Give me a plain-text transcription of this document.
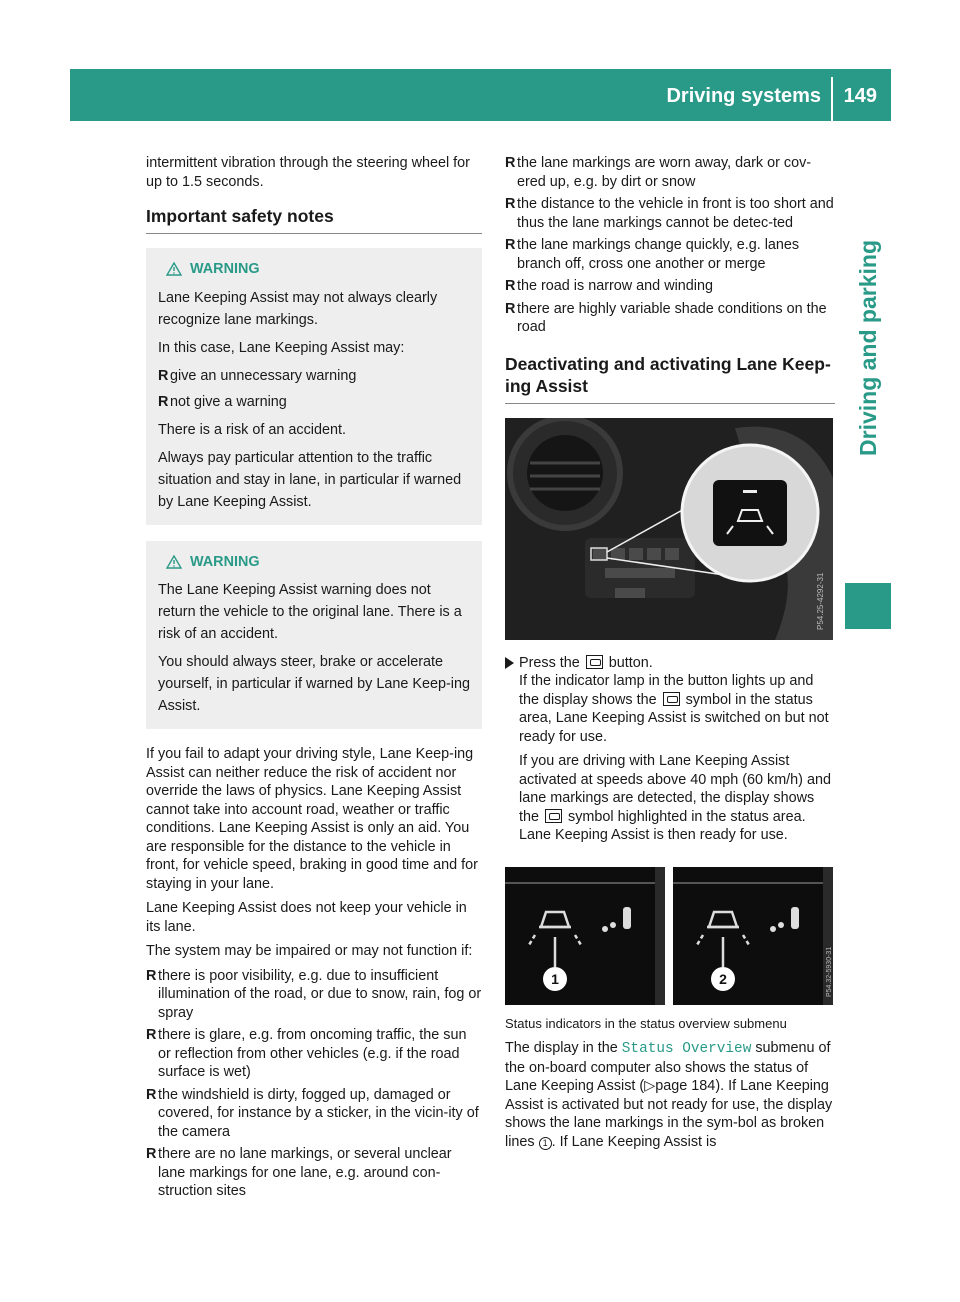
Driving systems 149
Driving and parking

intermittent vibration through the steering wheel for up to 1.5 seconds.

Important safety notes
WARNING

Lane Keeping Assist may not always clearly recognize lane markings.

In this case, Lane Keeping Assist may:

R give an unnecessary warning
R not give a warning

There is a risk of an accident.

Always pay particular attention to the traffic situation and stay in lane, in particular if warned by Lane Keeping Assist.

WARNING

The Lane Keeping Assist warning does not return the vehicle to the original lane. There is a risk of an accident.

You should always steer, brake or accelerate yourself, in particular if warned by Lane Keep-ing Assist.

If you fail to adapt your driving style, Lane Keep-ing Assist can neither reduce the risk of accident nor override the laws of physics. Lane Keeping Assist cannot take into account road, weather or traffic conditions. Lane Keeping Assist is only an aid. You are responsible for the distance to the vehicle in front, for vehicle speed, braking in good time and for staying in your lane.

Lane Keeping Assist does not keep your vehicle in its lane.

The system may be impaired or may not function if:

R there is poor visibility, e.g. due to insufficient illumination of the road, or due to snow, rain, fog or spray
R there is glare, e.g. from oncoming traffic, the sun or reflection from other vehicles (e.g. if the road surface is wet)
R the windshield is dirty, fogged up, damaged or covered, for instance by a sticker, in the vicin-ity of the camera
R there are no lane markings, or several unclear lane markings for one lane, e.g. around con-struction sites
R the lane markings are worn away, dark or cov-ered up, e.g. by dirt or snow
R the distance to the vehicle in front is too short and thus the lane markings cannot be detec-ted
R the lane markings change quickly, e.g. lanes branch off, cross one another or merge
R the road is narrow and winding
R there are highly variable shade conditions on the road
Deactivating and activating Lane Keep-ing Assist
P54.25-4292-31

Press the button.

If the indicator lamp in the button lights up and the display shows the symbol in the status area, Lane Keeping Assist is switched on but not ready for use.

If you are driving with Lane Keeping Assist activated at speeds above 40 mph (60 km/h) and lane markings are detected, the display shows the symbol highlighted in the status area. Lane Keeping Assist is then ready for use.

1	2	P54.32-5930-31

Status indicators in the status overview submenu

The display in the Status Overview submenu of the on-board computer also shows the status of Lane Keeping Assist (▷page 184). If Lane Keeping Assist is activated but not ready for use, the display shows the lane markings in the sym-bol as broken lines 1 . If Lane Keeping Assist is
